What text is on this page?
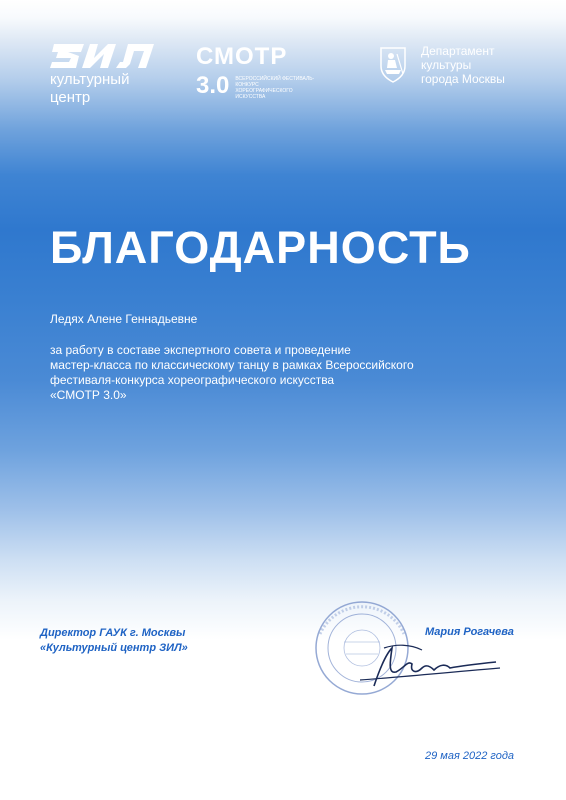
культурный
центр
СМОТР
3.0 ВСЕРОССИЙСКИЙ ФЕСТИВАЛЬ-КОНКУРС ХОРЕОГРАФИЧЕСКОГО ИСКУССТВА
Департамент
культуры
города Москвы
БЛАГОДАРНОСТЬ
Ледях Алене Геннадьевне
за работу в составе экспертного совета и проведение
мастер-класса по классическому танцу в рамках Всероссийского
фестиваля-конкурса хореографического искусства
«СМОТР 3.0»
Директор ГАУК г. Москвы
«Культурный центр ЗИЛ»
Мария Рогачева
29 мая 2022 года
